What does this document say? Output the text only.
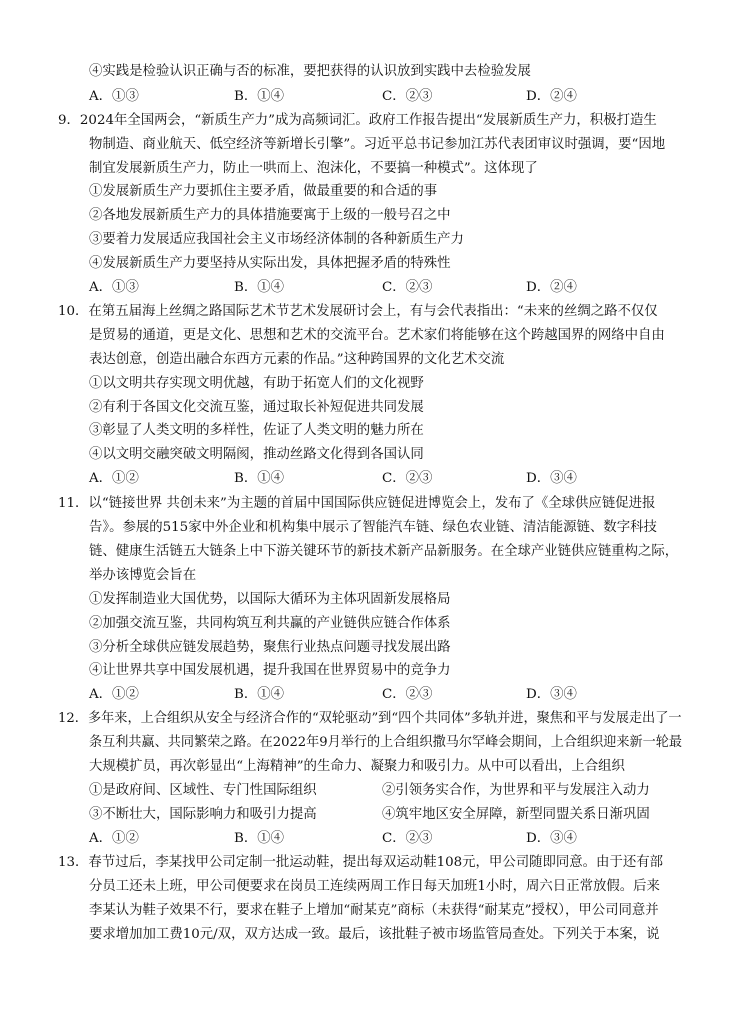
④实践是检验认识正确与否的标准，要把获得的认识放到实践中去检验发展
A．①③	B．①④	C．②③	D．②④
9．2024年全国两会，“新质生产力”成为高频词汇。政府工作报告提出“发展新质生产力，积极打造生
物制造、商业航天、低空经济等新增长引擎”。习近平总书记参加江苏代表团审议时强调，要“因地
制宜发展新质生产力，防止一哄而上、泡沫化，不要搞一种模式”。这体现了
①发展新质生产力要抓住主要矛盾，做最重要的和合适的事
②各地发展新质生产力的具体措施要寓于上级的一般号召之中
③要着力发展适应我国社会主义市场经济体制的各种新质生产力
④发展新质生产力要坚持从实际出发，具体把握矛盾的特殊性
A．①③	B．①④	C．②③	D．②④
10．在第五届海上丝绸之路国际艺术节艺术发展研讨会上，有与会代表指出：“未来的丝绸之路不仅仅
是贸易的通道，更是文化、思想和艺术的交流平台。艺术家们将能够在这个跨越国界的网络中自由
表达创意，创造出融合东西方元素的作品。”这种跨国界的文化艺术交流
①以文明共存实现文明优越，有助于拓宽人们的文化视野
②有利于各国文化交流互鉴，通过取长补短促进共同发展
③彰显了人类文明的多样性，佐证了人类文明的魅力所在
④以文明交融突破文明隔阂，推动丝路文化得到各国认同
A．①②	B．①④	C．②③	D．③④
11．以“链接世界 共创未来”为主题的首届中国国际供应链促进博览会上，发布了《全球供应链促进报
告》。参展的515家中外企业和机构集中展示了智能汽车链、绿色农业链、清洁能源链、数字科技
链、健康生活链五大链条上中下游关键环节的新技术新产品新服务。在全球产业链供应链重构之际，
举办该博览会旨在
①发挥制造业大国优势，以国际大循环为主体巩固新发展格局
②加强交流互鉴，共同构筑互利共赢的产业链供应链合作体系
③分析全球供应链发展趋势，聚焦行业热点问题寻找发展出路
④让世界共享中国发展机遇，提升我国在世界贸易中的竞争力
A．①②	B．①④	C．②③	D．③④
12．多年来，上合组织从安全与经济合作的“双轮驱动”到“四个共同体”多轨并进，聚焦和平与发展走出了一
条互利共赢、共同繁荣之路。在2022年9月举行的上合组织撒马尔罕峰会期间，上合组织迎来新一轮最
大规模扩员，再次彰显出“上海精神”的生命力、凝聚力和吸引力。从中可以看出，上合组织
①是政府间、区域性、专门性国际组织	②引领务实合作，为世界和平与发展注入动力
③不断壮大，国际影响力和吸引力提高	④筑牢地区安全屏障，新型同盟关系日渐巩固
A．①②	B．①④	C．②③	D．③④
13．春节过后，李某找甲公司定制一批运动鞋，提出每双运动鞋108元，甲公司随即同意。由于还有部
分员工还未上班，甲公司便要求在岗员工连续两周工作日每天加班1小时，周六日正常放假。后来
李某认为鞋子效果不行，要求在鞋子上增加“耐某克”商标（未获得“耐某克”授权），甲公司同意并
要求增加加工费10元/双，双方达成一致。最后，该批鞋子被市场监管局查处。下列关于本案，说
